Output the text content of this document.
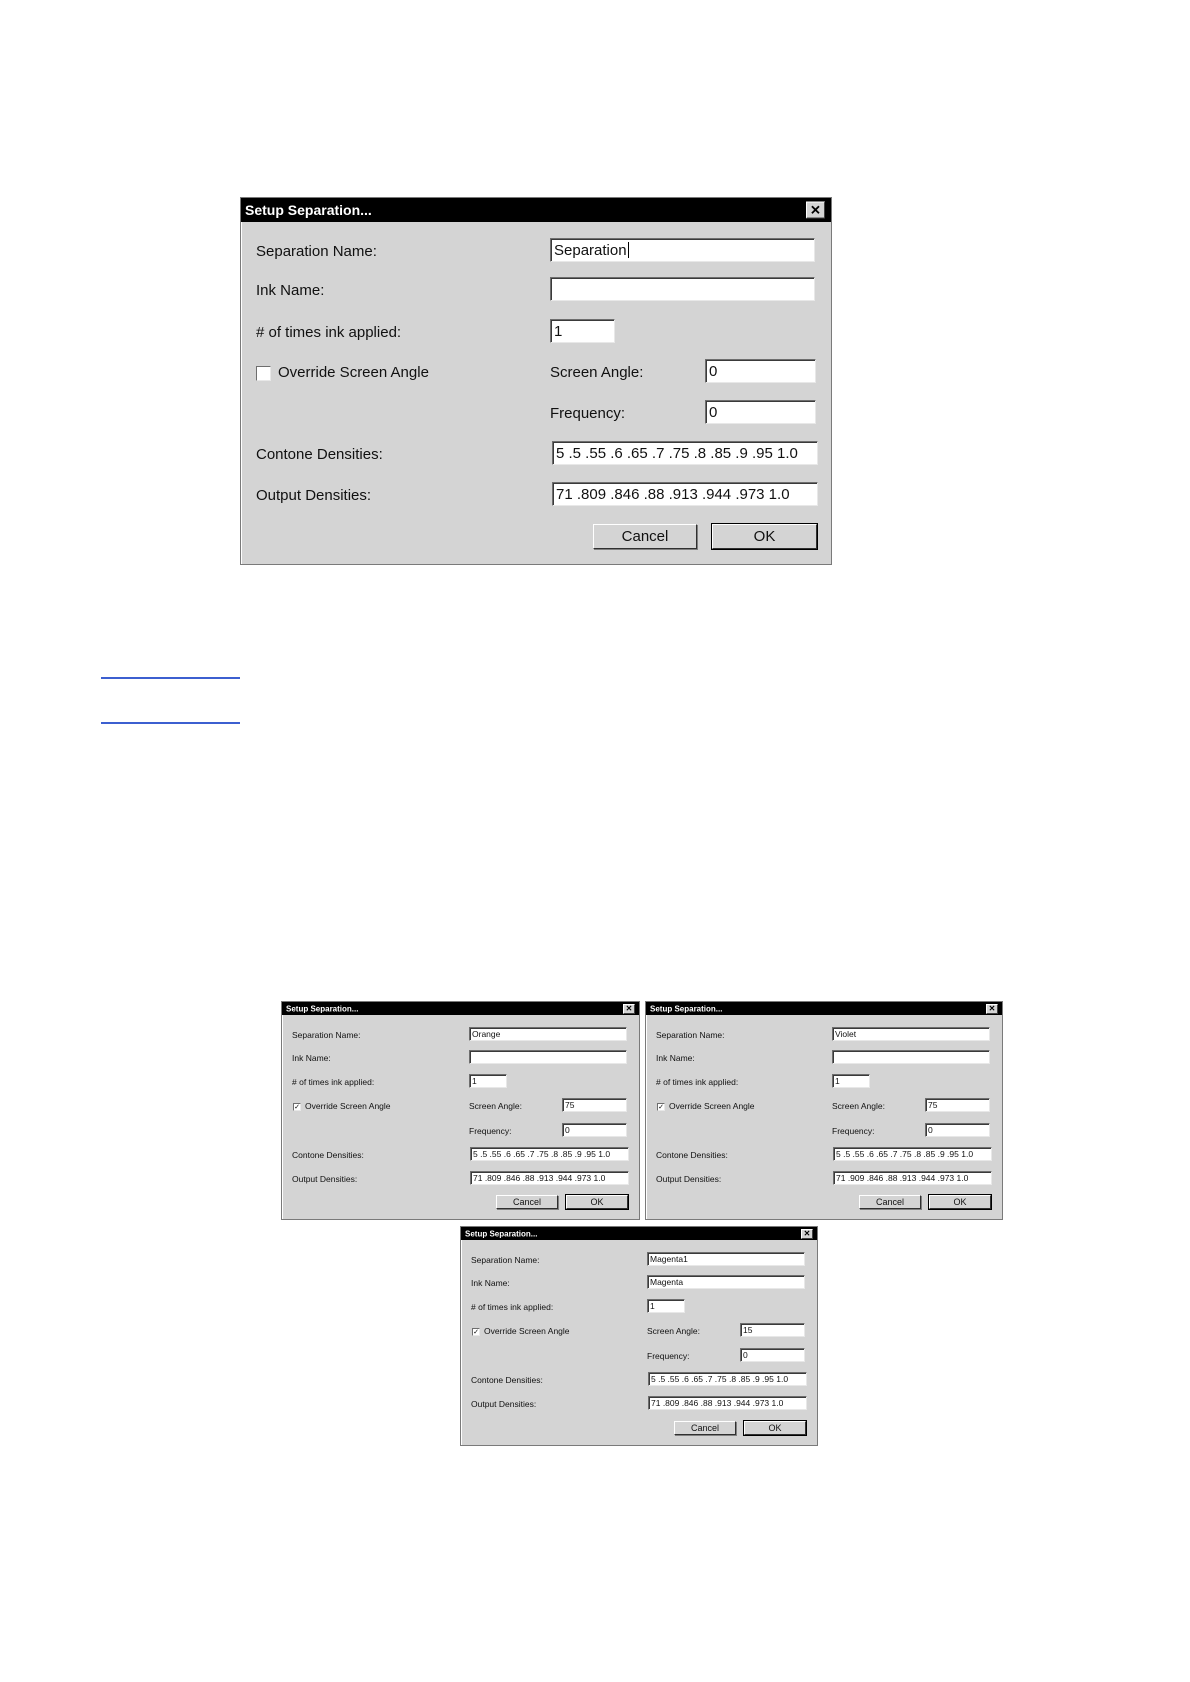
Setup Separation...	✕
Separation Name:	Separation
Ink Name:
# of times ink applied:	1
Override Screen Angle	Screen Angle:	0
Frequency:	0
Contone Densities:	5 .5 .55 .6 .65 .7 .75 .8 .85 .9 .95 1.0
Output Densities:	71 .809 .846 .88 .913 .944 .973 1.0
Cancel	OK
Setup Separation...	✕
Separation Name:	Orange
Ink Name:
# of times ink applied:	1
✓ Override Screen Angle	Screen Angle:	75
Frequency:	0
Contone Densities:	5 .5 .55 .6 .65 .7 .75 .8 .85 .9 .95 1.0
Output Densities:	71 .809 .846 .88 .913 .944 .973 1.0
Cancel	OK
Setup Separation...	✕
Separation Name:	Violet
Ink Name:
# of times ink applied:	1
✓ Override Screen Angle	Screen Angle:	75
Frequency:	0
Contone Densities:	5 .5 .55 .6 .65 .7 .75 .8 .85 .9 .95 1.0
Output Densities:	71 .909 .846 .88 .913 .944 .973 1.0
Cancel	OK
Setup Separation...	✕
Separation Name:	Magenta1
Ink Name:	Magenta
# of times ink applied:	1
✓ Override Screen Angle	Screen Angle:	15
Frequency:	0
Contone Densities:	5 .5 .55 .6 .65 .7 .75 .8 .85 .9 .95 1.0
Output Densities:	71 .809 .846 .88 .913 .944 .973 1.0
Cancel	OK
